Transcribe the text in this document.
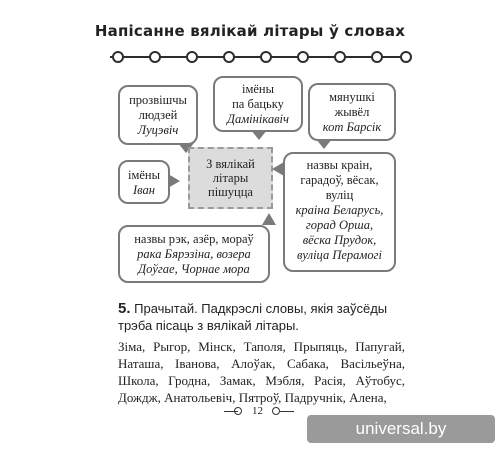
Напісанне вялікай літары ў словах
прозвішчы
людзей
Луцэвіч
імёны
па бацьку
Дамінікавіч
мянушкі
жывёл
кот Барсік
імёны
Іван
З вялікай
літары
пішуцца
назвы краін,
гарадоў, вёсак,
вуліц
краіна Беларусь,
горад Орша,
вёска Прудок,
вуліца Перамогі
назвы рэк, азёр, мораў
рака Бярэзіна, возера
Доўгае, Чорнае мора
5. Прачытай. Падкрэслі словы, якія заўсёды трэба пісаць з вялікай літары.
Зіма, Рыгор, Мінск, Таполя, Прыпяць, Папугай, Наташа, Іванова, Алоўак, Сабака, Васільеўна, Школа, Гродна, Замак, Мэбля, Расія, Аўтобус, Дождж, Анатольевіч, Пятроў, Падручнік, Алена,
12
universal.by
